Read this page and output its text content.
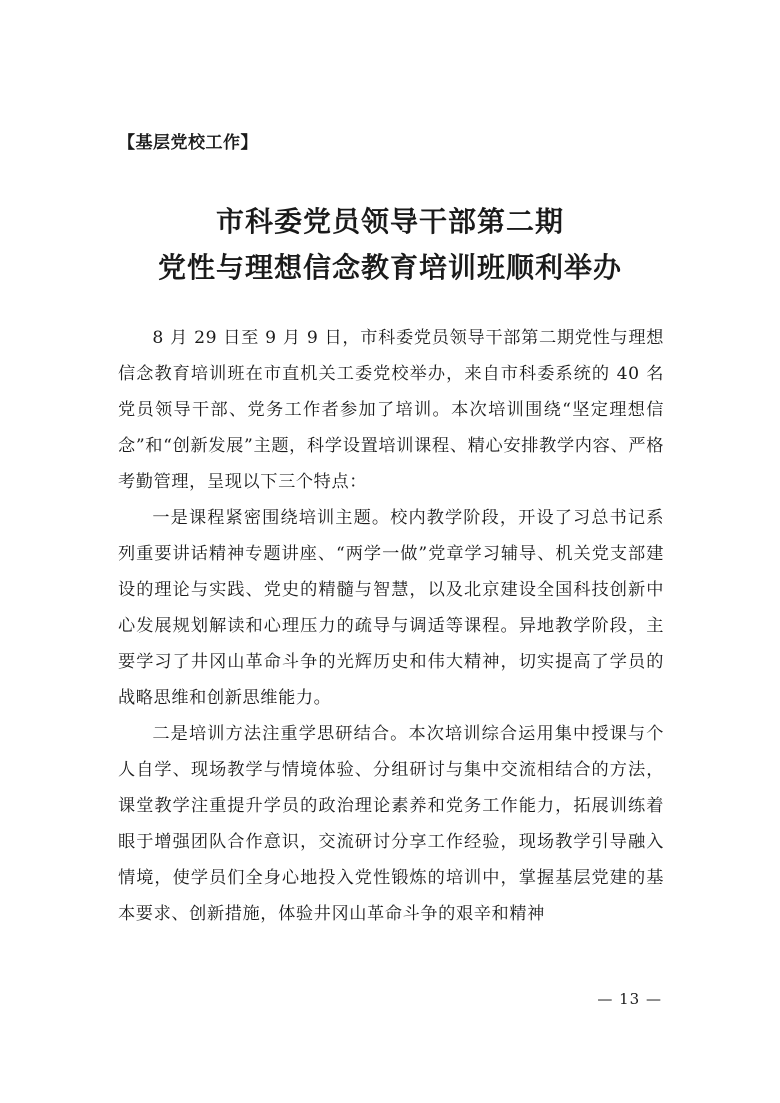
【基层党校工作】
市科委党员领导干部第二期
党性与理想信念教育培训班顺利举办

8 月 29 日至 9 月 9 日，市科委党员领导干部第二期党性与理想信念教育培训班在市直机关工委党校举办，来自市科委系统的 40 名党员领导干部、党务工作者参加了培训。本次培训围绕“坚定理想信念”和“创新发展”主题，科学设置培训课程、精心安排教学内容、严格考勤管理，呈现以下三个特点：

一是课程紧密围绕培训主题。校内教学阶段，开设了习总书记系列重要讲话精神专题讲座、“两学一做”党章学习辅导、机关党支部建设的理论与实践、党史的精髓与智慧，以及北京建设全国科技创新中心发展规划解读和心理压力的疏导与调适等课程。异地教学阶段，主要学习了井冈山革命斗争的光辉历史和伟大精神，切实提高了学员的战略思维和创新思维能力。

二是培训方法注重学思研结合。本次培训综合运用集中授课与个人自学、现场教学与情境体验、分组研讨与集中交流相结合的方法，课堂教学注重提升学员的政治理论素养和党务工作能力，拓展训练着眼于增强团队合作意识，交流研讨分享工作经验，现场教学引导融入情境，使学员们全身心地投入党性锻炼的培训中，掌握基层党建的基本要求、创新措施，体验井冈山革命斗争的艰辛和精神

— 13 —
